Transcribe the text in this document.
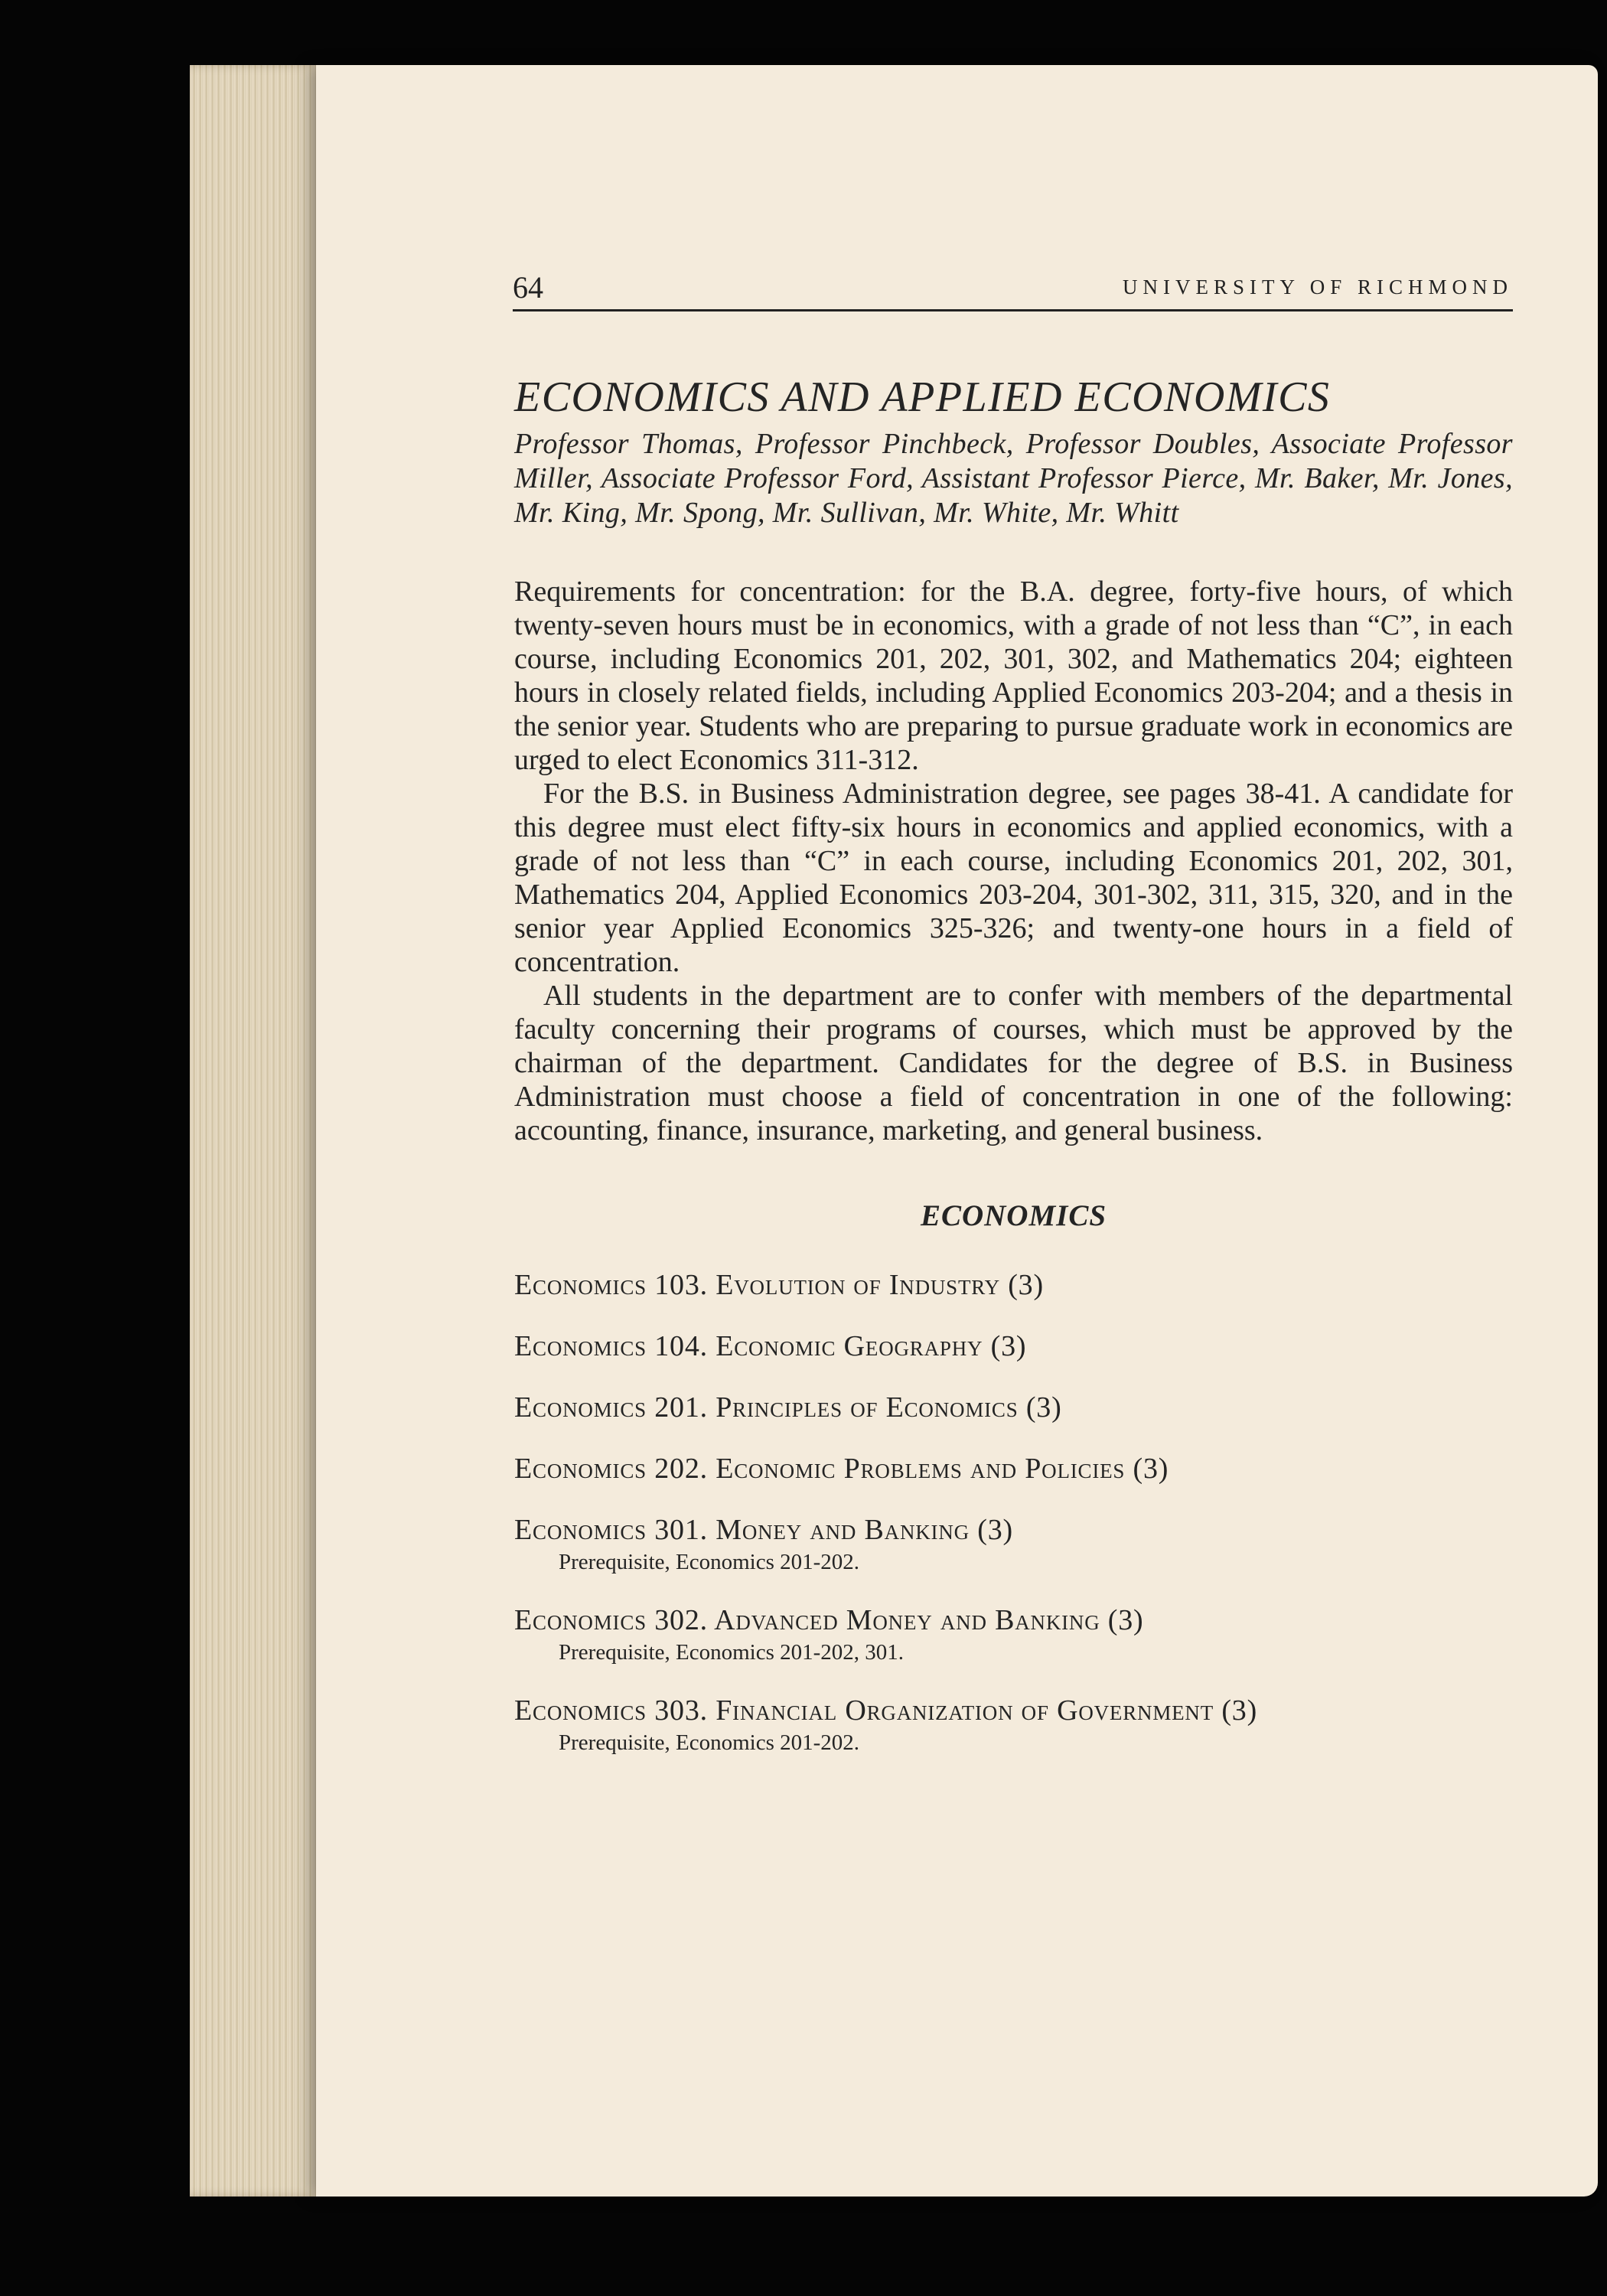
64	UNIVERSITY OF RICHMOND
ECONOMICS AND APPLIED ECONOMICS

Professor Thomas, Professor Pinchbeck, Professor Doubles, Associate Professor Miller, Associate Professor Ford, Assistant Professor Pierce, Mr. Baker, Mr. Jones, Mr. King, Mr. Spong, Mr. Sullivan, Mr. White, Mr. Whitt

Requirements for concentration: for the B.A. degree, forty-five hours, of which twenty-seven hours must be in economics, with a grade of not less than “C”, in each course, including Economics 201, 202, 301, 302, and Mathematics 204; eighteen hours in closely related fields, including Applied Economics 203-204; and a thesis in the senior year. Students who are preparing to pursue graduate work in economics are urged to elect Economics 311-312.

For the B.S. in Business Administration degree, see pages 38-41. A candidate for this degree must elect fifty-six hours in economics and applied economics, with a grade of not less than “C” in each course, including Economics 201, 202, 301, Mathematics 204, Applied Economics 203-204, 301-302, 311, 315, 320, and in the senior year Applied Economics 325-326; and twenty-one hours in a field of concentration.

All students in the department are to confer with members of the departmental faculty concerning their programs of courses, which must be approved by the chairman of the department. Candidates for the degree of B.S. in Business Administration must choose a field of concentration in one of the following: accounting, finance, insurance, marketing, and general business.

ECONOMICS
Economics 103. Evolution of Industry (3)
Economics 104. Economic Geography (3)
Economics 201. Principles of Economics (3)
Economics 202. Economic Problems and Policies (3)
Economics 301. Money and Banking (3)
Prerequisite, Economics 201-202.
Economics 302. Advanced Money and Banking (3)
Prerequisite, Economics 201-202, 301.
Economics 303. Financial Organization of Government (3)
Prerequisite, Economics 201-202.
